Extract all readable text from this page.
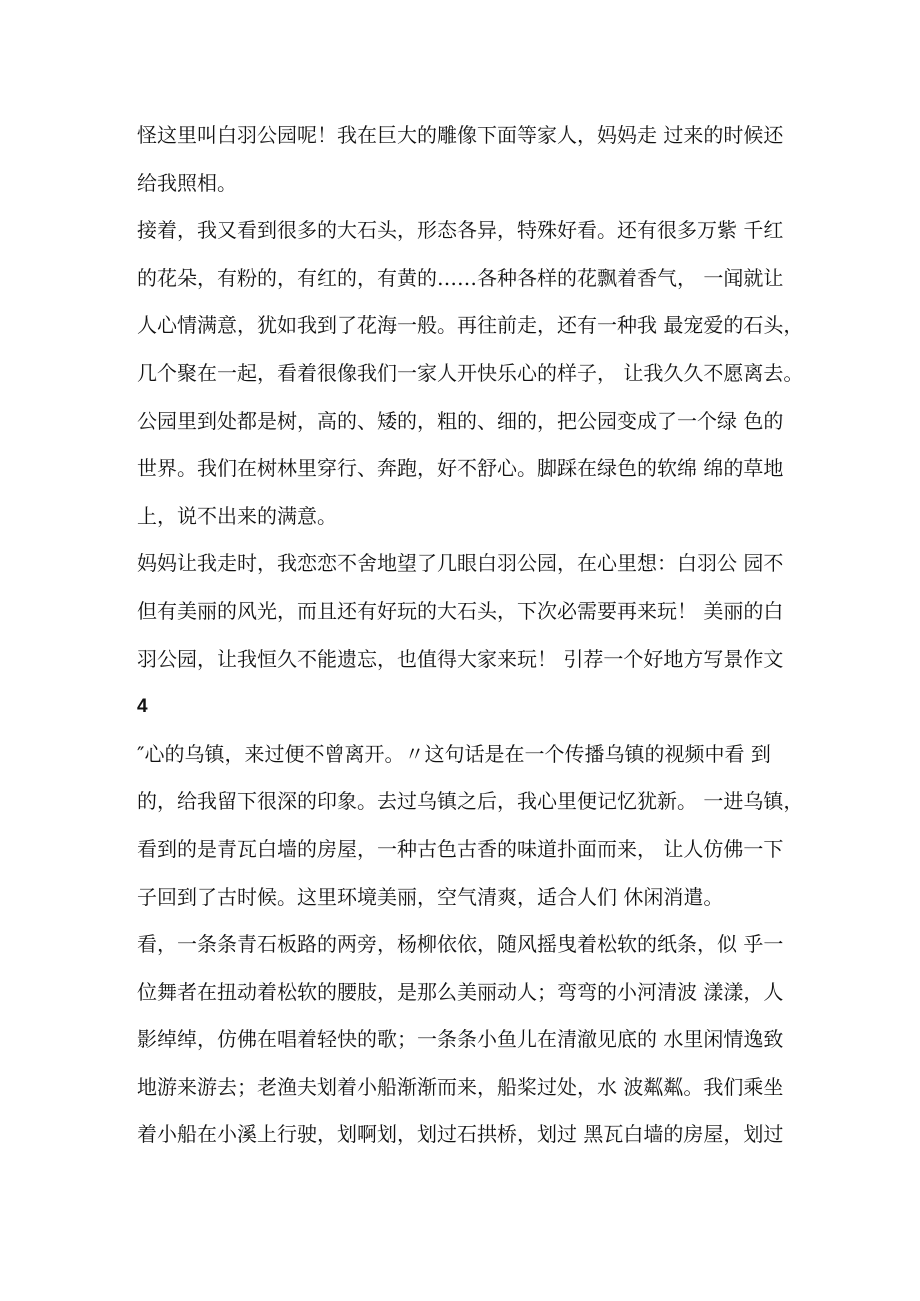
怪这里叫白羽公园呢！我在巨大的雕像下面等家人，妈妈走 过来的时候还
给我照相。
接着，我又看到很多的大石头，形态各异，特殊好看。还有很多万紫 千红
的花朵，有粉的，有红的，有黄的……各种各样的花飘着香气， 一闻就让
人心情满意，犹如我到了花海一般。再往前走，还有一种我 最宠爱的石头，
几个聚在一起，看着很像我们一家人开快乐心的样子， 让我久久不愿离去。
公园里到处都是树，高的、矮的，粗的、细的，把公园变成了一个绿 色的
世界。我们在树林里穿行、奔跑，好不舒心。脚踩在绿色的软绵 绵的草地
上，说不出来的满意。
妈妈让我走时，我恋恋不舍地望了几眼白羽公园，在心里想：白羽公 园不
但有美丽的风光，而且还有好玩的大石头，下次必需要再来玩！ 美丽的白
羽公园，让我恒久不能遗忘，也值得大家来玩！ 引荐一个好地方写景作文
4
″心的乌镇，来过便不曾离开。〃这句话是在一个传播乌镇的视频中看 到
的，给我留下很深的印象。去过乌镇之后，我心里便记忆犹新。 一进乌镇，
看到的是青瓦白墙的房屋，一种古色古香的味道扑面而来， 让人仿佛一下
子回到了古时候。这里环境美丽，空气清爽，适合人们 休闲消遣。
看，一条条青石板路的两旁，杨柳依依，随风摇曳着松软的纸条，似 乎一
位舞者在扭动着松软的腰肢，是那么美丽动人；弯弯的小河清波 漾漾，人
影绰绰，仿佛在唱着轻快的歌；一条条小鱼儿在清澈见底的 水里闲情逸致
地游来游去；老渔夫划着小船渐渐而来，船桨过处，水 波粼粼。我们乘坐
着小船在小溪上行驶，划啊划，划过石拱桥，划过 黑瓦白墙的房屋，划过
